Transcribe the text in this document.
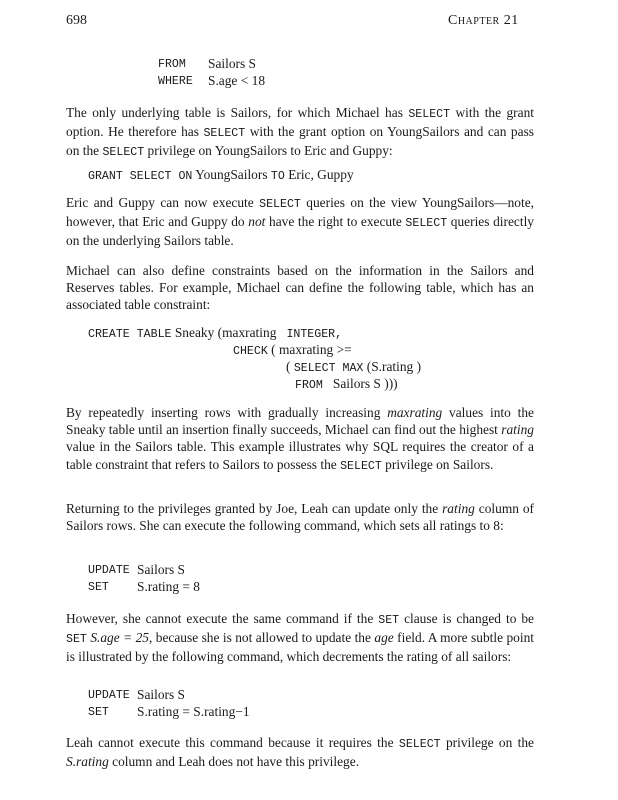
698	Chapter 21
FROM Sailors S
WHERE S.age < 18
The only underlying table is Sailors, for which Michael has SELECT with the grant option. He therefore has SELECT with the grant option on YoungSailors and can pass on the SELECT privilege on YoungSailors to Eric and Guppy:
GRANT SELECT ON YoungSailors TO Eric, Guppy
Eric and Guppy can now execute SELECT queries on the view YoungSailors—note, however, that Eric and Guppy do not have the right to execute SELECT queries directly on the underlying Sailors table.
Michael can also define constraints based on the information in the Sailors and Reserves tables. For example, Michael can define the following table, which has an associated table constraint:
CREATE TABLE Sneaky (maxrating INTEGER,
CHECK ( maxrating >=
( SELECT MAX (S.rating )
FROM Sailors S )))
By repeatedly inserting rows with gradually increasing maxrating values into the Sneaky table until an insertion finally succeeds, Michael can find out the highest rating value in the Sailors table. This example illustrates why SQL requires the creator of a table constraint that refers to Sailors to possess the SELECT privilege on Sailors.
Returning to the privileges granted by Joe, Leah can update only the rating column of Sailors rows. She can execute the following command, which sets all ratings to 8:
UPDATE Sailors S
SET S.rating = 8
However, she cannot execute the same command if the SET clause is changed to be SET S.age = 25, because she is not allowed to update the age field. A more subtle point is illustrated by the following command, which decrements the rating of all sailors:
UPDATE Sailors S
SET S.rating = S.rating−1
Leah cannot execute this command because it requires the SELECT privilege on the S.rating column and Leah does not have this privilege.
